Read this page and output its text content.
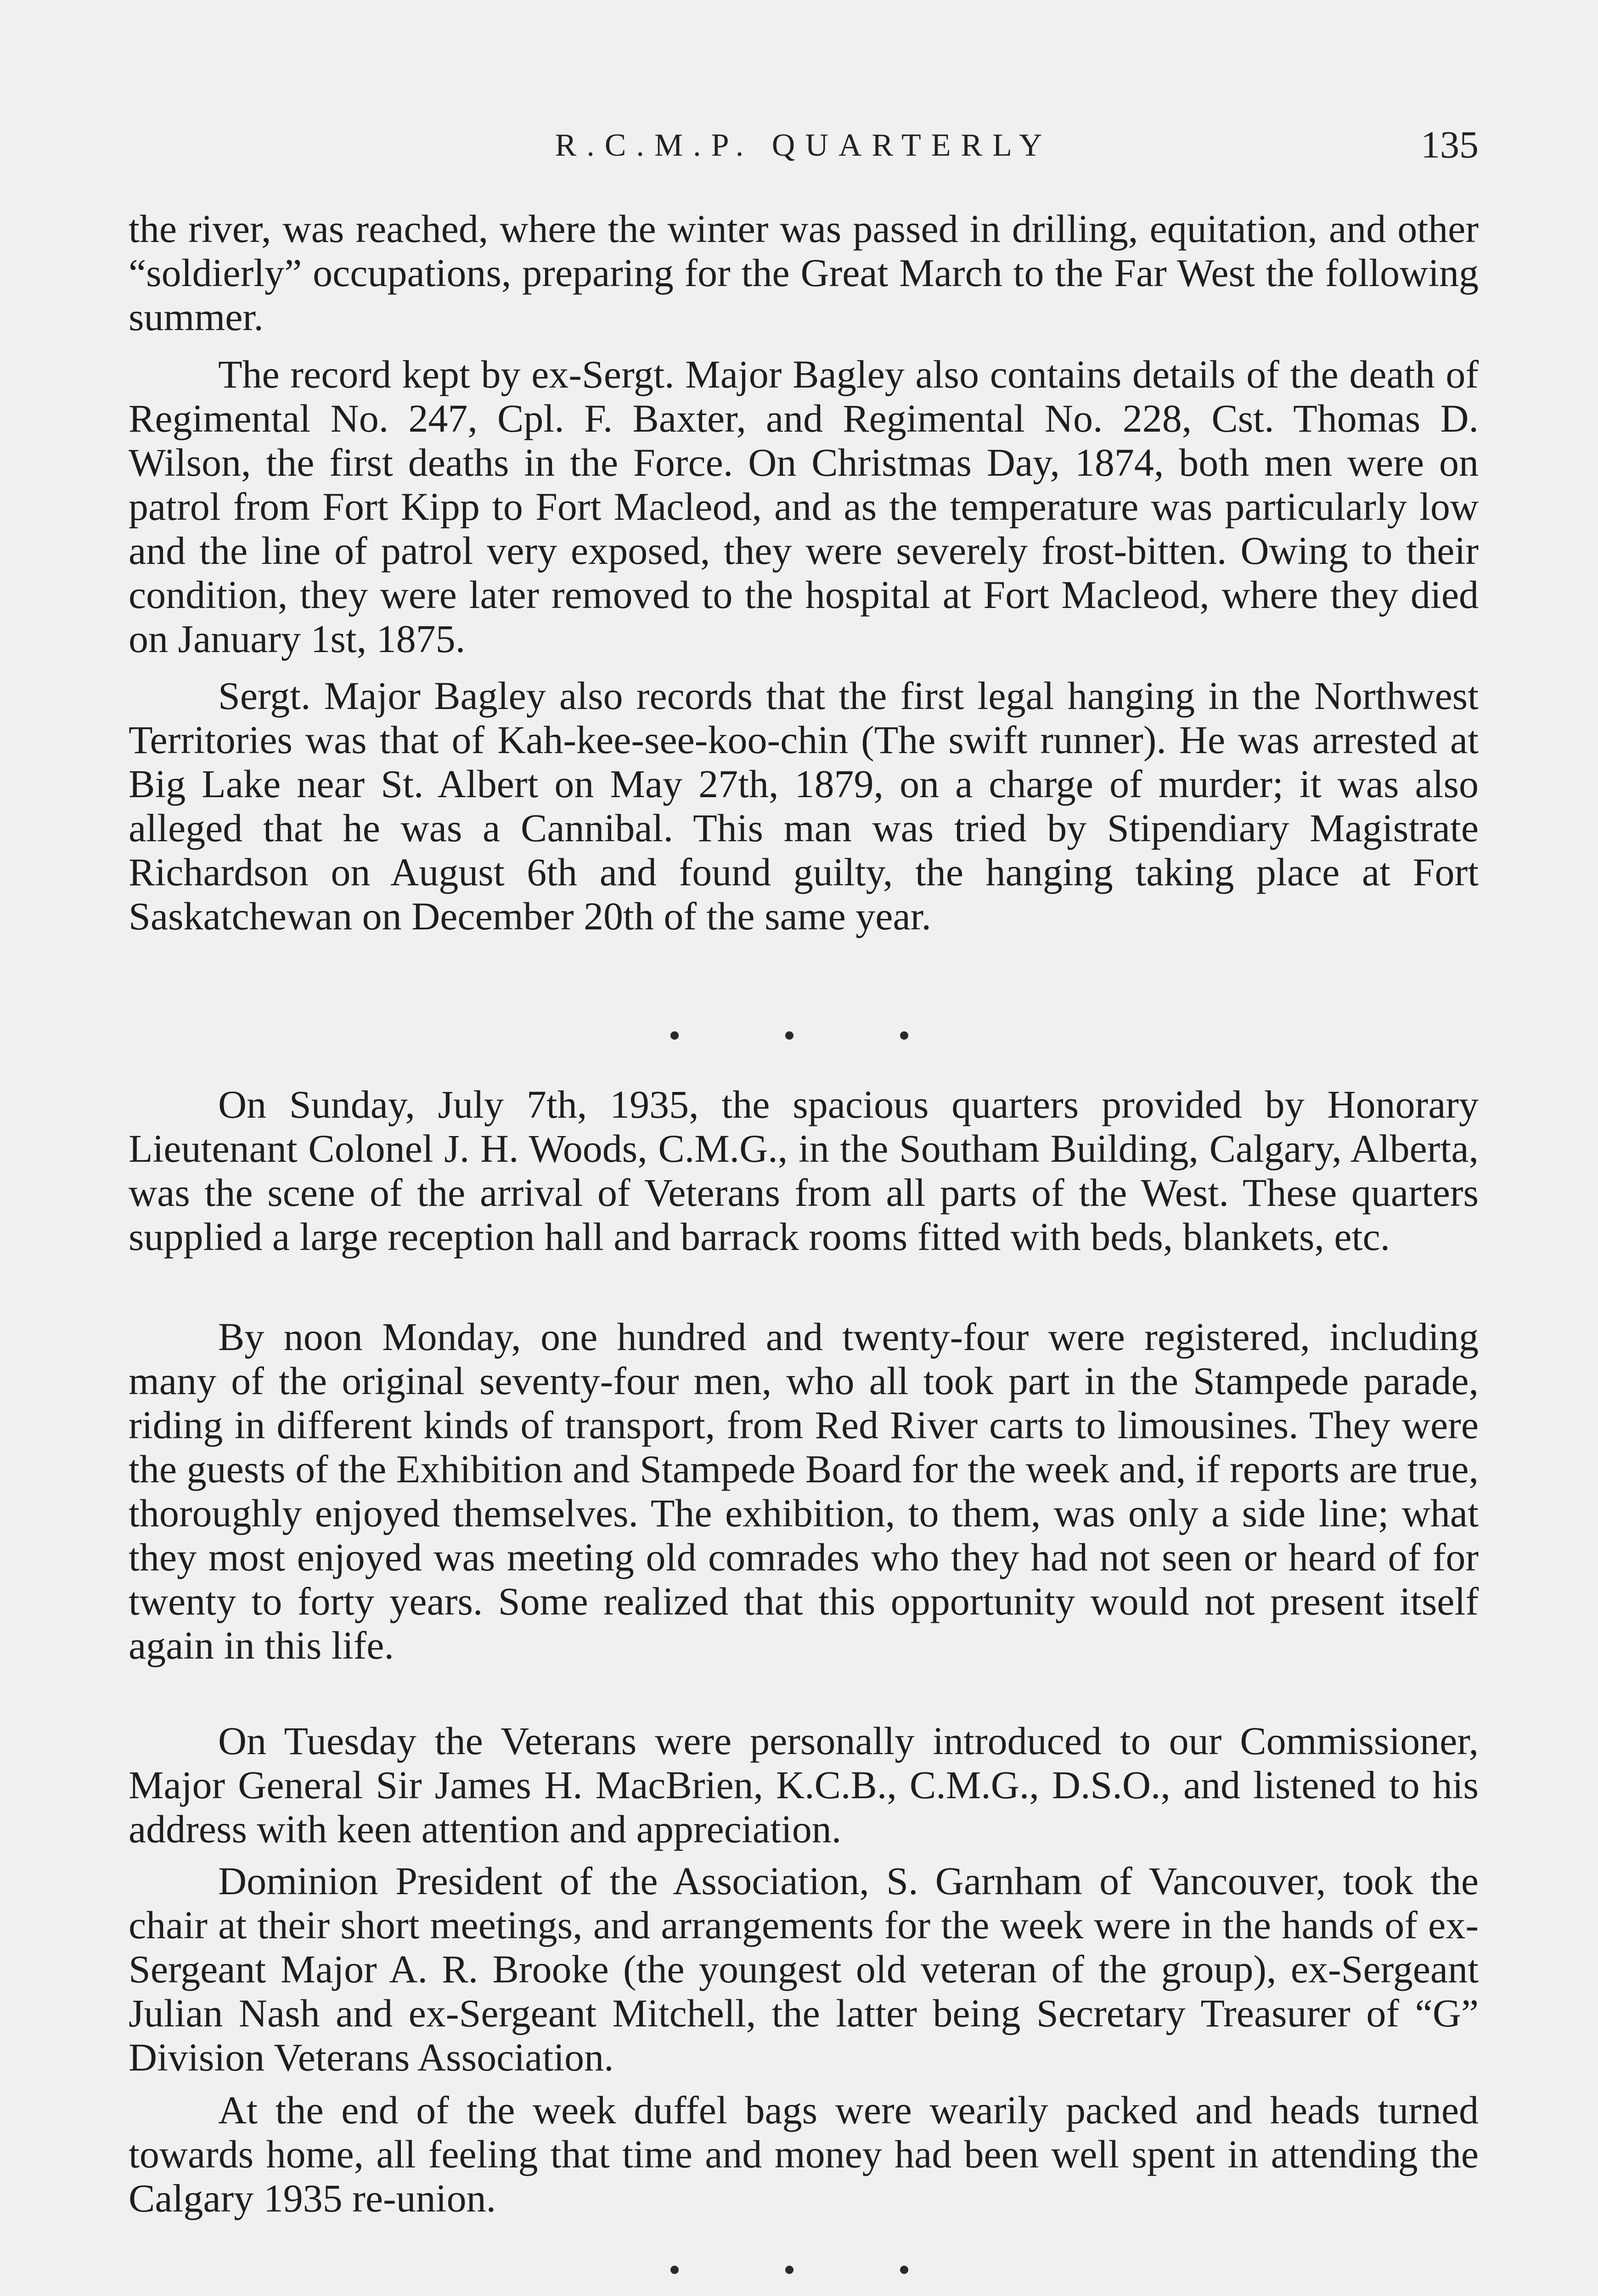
R.C.M.P. QUARTERLY	135

the river, was reached, where the winter was passed in drilling, equitation, and other “soldierly” occupations, preparing for the Great March to the Far West the following summer.

The record kept by ex-Sergt. Major Bagley also contains details of the death of Regimental No. 247, Cpl. F. Baxter, and Regimental No. 228, Cst. Thomas D. Wilson, the first deaths in the Force. On Christmas Day, 1874, both men were on patrol from Fort Kipp to Fort Macleod, and as the temperature was particularly low and the line of patrol very exposed, they were severely frost-bitten. Owing to their condition, they were later removed to the hospital at Fort Macleod, where they died on January 1st, 1875.

Sergt. Major Bagley also records that the first legal hanging in the Northwest Territories was that of Kah-kee-see-koo-chin (The swift runner). He was arrested at Big Lake near St. Albert on May 27th, 1879, on a charge of murder; it was also alleged that he was a Cannibal. This man was tried by Stipendiary Magistrate Richardson on August 6th and found guilty, the hanging taking place at Fort Saskatchewan on December 20th of the same year.

On Sunday, July 7th, 1935, the spacious quarters provided by Honorary Lieutenant Colonel J. H. Woods, C.M.G., in the Southam Building, Calgary, Alberta, was the scene of the arrival of Veterans from all parts of the West. These quarters supplied a large reception hall and barrack rooms fitted with beds, blankets, etc.

By noon Monday, one hundred and twenty-four were registered, including many of the original seventy-four men, who all took part in the Stampede parade, riding in different kinds of transport, from Red River carts to limousines. They were the guests of the Exhibition and Stampede Board for the week and, if reports are true, thoroughly enjoyed themselves. The exhibition, to them, was only a side line; what they most enjoyed was meeting old comrades who they had not seen or heard of for twenty to forty years. Some realized that this opportunity would not present itself again in this life.

On Tuesday the Veterans were personally introduced to our Commissioner, Major General Sir James H. MacBrien, K.C.B., C.M.G., D.S.O., and listened to his address with keen attention and appreciation.

Dominion President of the Association, S. Garnham of Vancouver, took the chair at their short meetings, and arrangements for the week were in the hands of ex-Sergeant Major A. R. Brooke (the youngest old veteran of the group), ex-Sergeant Julian Nash and ex-Sergeant Mitchell, the latter being Secretary Treasurer of “G” Division Veterans Association.

At the end of the week duffel bags were wearily packed and heads turned towards home, all feeling that time and money had been well spent in attending the Calgary 1935 re-union.
